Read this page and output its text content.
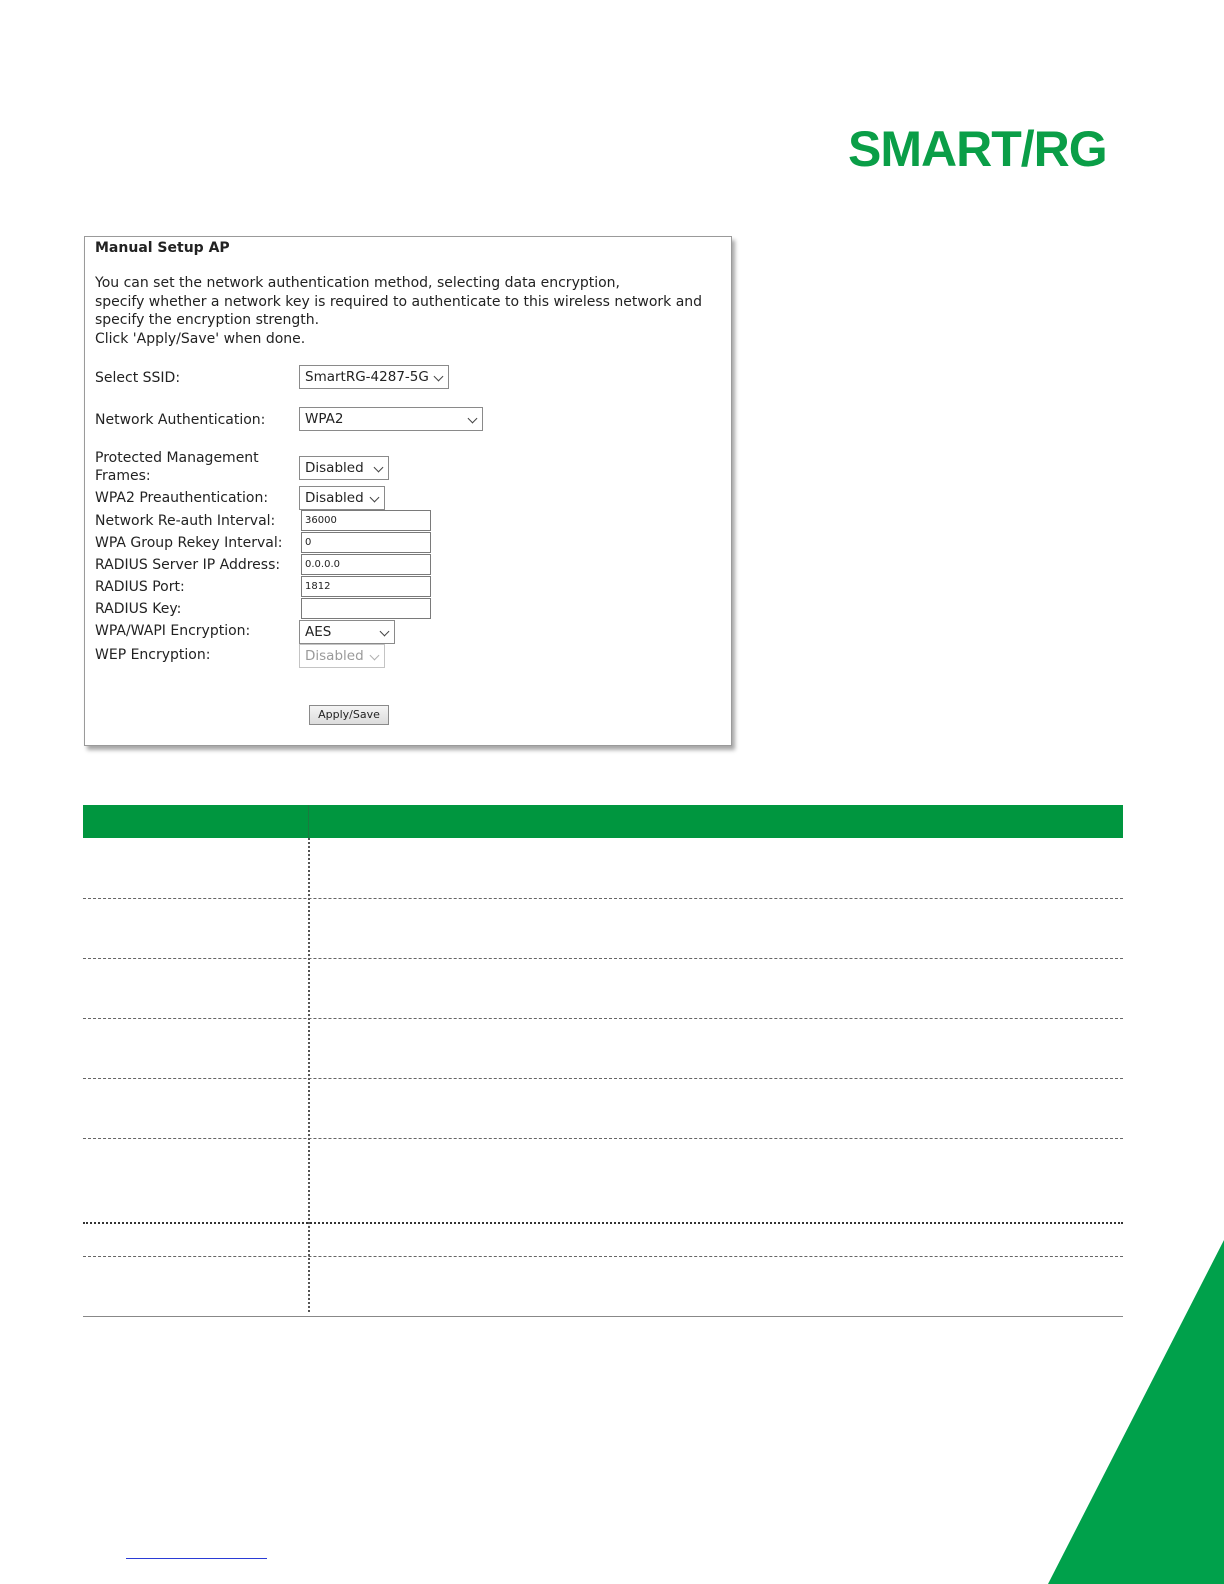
SMART/RG
Manual Setup AP
You can set the network authentication method, selecting data encryption,
specify whether a network key is required to authenticate to this wireless network and
specify the encryption strength.
Click 'Apply/Save' when done.
Select SSID:	SmartRG-4287-5G
Network Authentication:	WPA2
Protected Management Frames:	Disabled
WPA2 Preauthentication:	Disabled
Network Re-auth Interval:	36000
WPA Group Rekey Interval:	0
RADIUS Server IP Address:	0.0.0.0
RADIUS Port:	1812
RADIUS Key:
WPA/WAPI Encryption:	AES
WEP Encryption:	Disabled
Apply/Save
